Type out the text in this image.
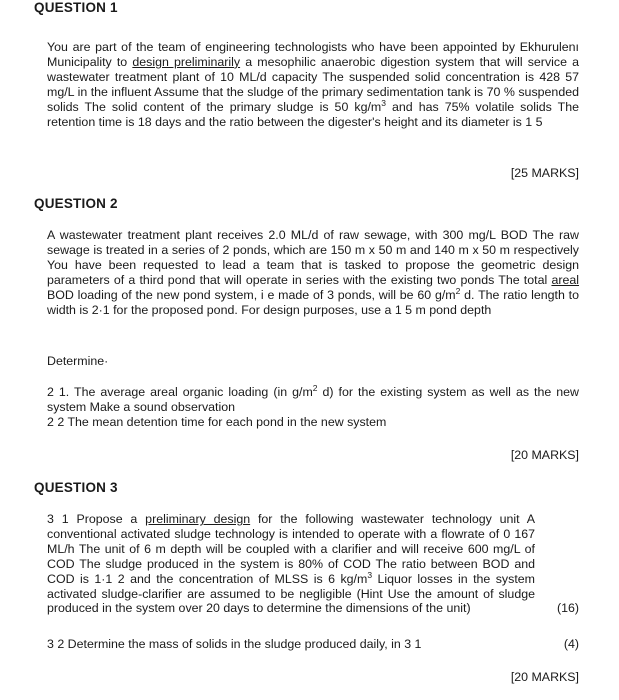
QUESTION 1

You are part of the team of engineering technologists who have been appointed by Ekhurulenı Municipality to design preliminarily a mesophilic anaerobic digestion system that will service a wastewater treatment plant of 10 ML/d capacity The suspended solid concentration is 428 57 mg/L in the influent Assume that the sludge of the primary sedimentation tank is 70 % suspended solids The solid content of the primary sludge is 50 $kg/m^3$ and has 75% volatile solids The retention time is 18 days and the ratio between the digester's height and its diameter is 1 5

[25 MARKS]
QUESTION 2

A wastewater treatment plant receives 2.0 ML/d of raw sewage, with 300 mg/L BOD The raw sewage is treated in a series of 2 ponds, which are 150 m x 50 m and 140 m x 50 m respectively You have been requested to lead a team that is tasked to propose the geometric design parameters of a third pond that will operate in series with the existing two ponds The total areal BOD loading of the new pond system, i e made of 3 ponds, will be 60 $g/m^2$ d. The ratio length to width is 2·1 for the proposed pond. For design purposes, use a 1 5 m pond depth

Determine·

2 1. The average areal organic loading (in $g/m^2$ d) for the existing system as well as the new system Make a sound observation

2 2 The mean detention time for each pond in the new system

[20 MARKS]
QUESTION 3
3 1 Propose a preliminary design for the following wastewater technology unit A conventional activated sludge technology is intended to operate with a flowrate of 0 167 ML/h The unit of 6 m depth will be coupled with a clarifier and will receive 600 mg/L of COD The sludge produced in the system is 80% of COD The ratio between BOD and COD is 1·1 2 and the concentration of MLSS is 6 $kg/m^3$ Liquor losses in the system activated sludge-clarifier are assumed to be negligible (Hint Use the amount of sludge produced in the system over 20 days to determine the dimensions of the unit)	(16)
3 2 Determine the mass of solids in the sludge produced daily, in 3 1	(4)
[20 MARKS]
